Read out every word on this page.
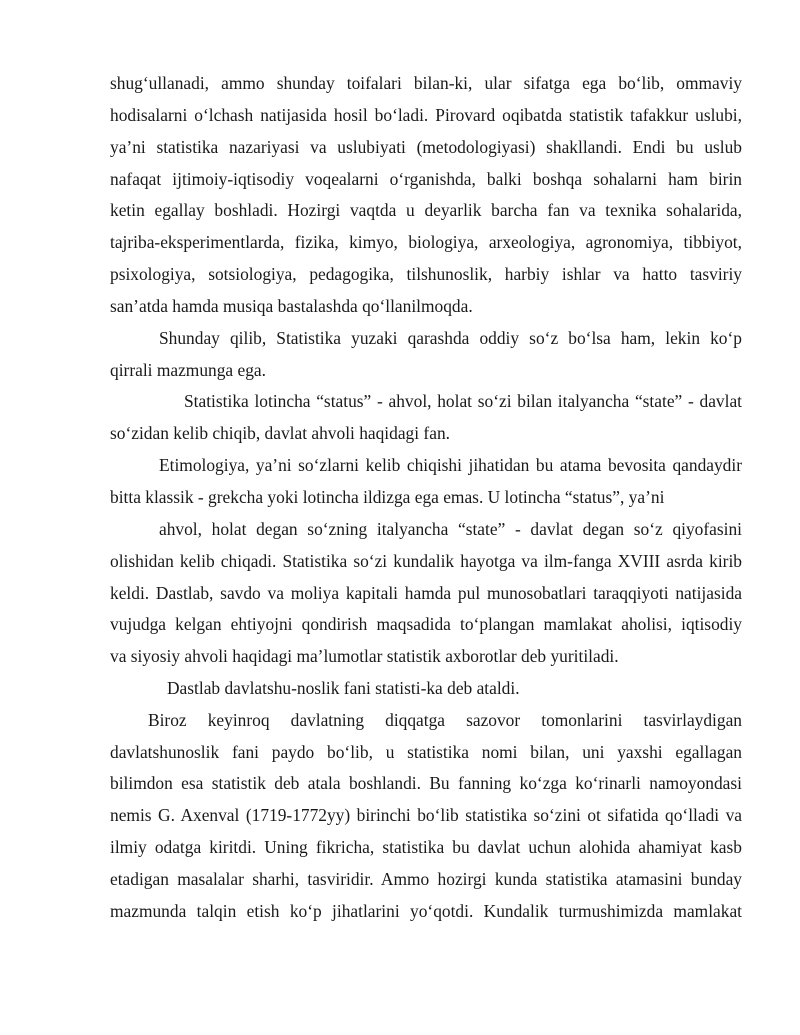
shug‘ullanadi, ammo shunday toifalari bilan-ki, ular sifatga ega bo‘lib, ommaviy
hodisalarni o‘lchash natijasida hosil bo‘ladi. Pirovard oqibatda statistik tafakkur uslubi,
ya’ni statistika nazariyasi va uslubiyati (metodologiyasi) shakllandi. Endi bu uslub
nafaqat ijtimoiy-iqtisodiy voqealarni o‘rganishda, balki boshqa sohalarni ham birin
ketin egallay boshladi. Hozirgi vaqtda u deyarlik barcha fan va texnika sohalarida,
tajriba-eksperimentlarda, fizika, kimyo, biologiya, arxeologiya, agronomiya, tibbiyot,
psixologiya, sotsiologiya, pedagogika, tilshunoslik, harbiy ishlar va hatto tasviriy
san’atda hamda musiqa bastalashda qo‘llanilmoqda.
Shunday qilib, Statistika yuzaki qarashda oddiy so‘z bo‘lsa ham, lekin ko‘p
qirrali mazmunga ega.
Statistika lotincha “status” - ahvol, holat so‘zi bilan italyancha “state” - davlat
so‘zidan kelib chiqib, davlat ahvoli haqidagi fan.
Etimologiya, ya’ni so‘zlarni kelib chiqishi jihatidan bu atama bevosita qandaydir
bitta klassik - grekcha yoki lotincha ildizga ega emas. U lotincha “status”, ya’ni
ahvol, holat degan so‘zning italyancha “state” - davlat degan so‘z qiyofasini
olishidan kelib chiqadi. Statistika so‘zi kundalik hayotga va ilm-fanga XVIII asrda kirib
keldi. Dastlab, savdo va moliya kapitali hamda pul munosobatlari taraqqiyoti natijasida
vujudga kelgan ehtiyojni qondirish maqsadida to‘plangan mamlakat aholisi, iqtisodiy
va siyosiy ahvoli haqidagi ma’lumotlar statistik axborotlar deb yuritiladi.
Dastlab davlatshu-noslik fani statisti-ka deb ataldi.
Biroz keyinroq davlatning diqqatga sazovor tomonlarini tasvirlaydigan
davlatshunoslik fani paydo bo‘lib, u statistika nomi bilan, uni yaxshi egallagan
bilimdon esa statistik deb atala boshlandi. Bu fanning ko‘zga ko‘rinarli namoyondasi
nemis G. Axenval (1719-1772yy) birinchi bo‘lib statistika so‘zini ot sifatida qo‘lladi va
ilmiy odatga kiritdi. Uning fikricha, statistika bu davlat uchun alohida ahamiyat kasb
etadigan masalalar sharhi, tasviridir. Ammo hozirgi kunda statistika atamasini bunday
mazmunda talqin etish ko‘p jihatlarini yo‘qotdi. Kundalik turmushimizda mamlakat
